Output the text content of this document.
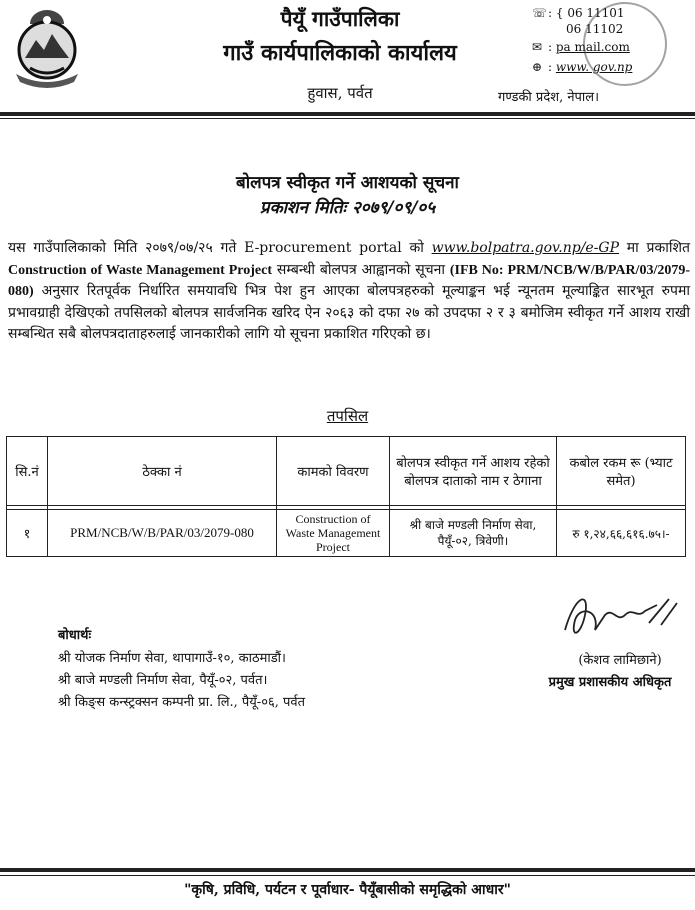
पैयूँ गाउँपालिका
गाउँ कार्यपालिकाको कार्यालय
हुवास, पर्वत
☏: { 06 11101
06 11102
✉ : pa mail.com
⊕ : www. gov.np
गण्डकी प्रदेश, नेपाल।
बोलपत्र स्वीकृत गर्ने आशयको सूचना
प्रकाशन मितिः २०७९/०९/०५
यस गाउँपालिकाको मिति २०७९/०७/२५ गते E-procurement portal को www.bolpatra.gov.np/e-GP मा प्रकाशित Construction of Waste Management Project सम्बन्धी बोलपत्र आह्वानको सूचना (IFB No: PRM/NCB/W/B/PAR/03/2079-080) अनुसार रितपूर्वक निर्धारित समयावधि भित्र पेश हुन आएका बोलपत्रहरुको मूल्याङ्कन भई न्यूनतम मूल्याङ्कित सारभूत रुपमा प्रभावग्राही देखिएको तपसिलको बोलपत्र सार्वजनिक खरिद ऐन २०६३ को दफा २७ को उपदफा २ र ३ बमोजिम स्वीकृत गर्ने आशय राखी सम्बन्धित सबै बोलपत्रदाताहरुलाई जानकारीको लागि यो सूचना प्रकाशित गरिएको छ।
तपसिल
सि.नं	ठेक्का नं	कामको विवरण	बोलपत्र स्वीकृत गर्ने आशय रहेको बोलपत्र दाताको नाम र ठेगाना	कबोल रकम रू (भ्याट समेत)

१	PRM/NCB/W/B/PAR/03/2079-080	Construction of Waste Management Project	श्री बाजे मण्डली निर्माण सेवा, पैयूँ-०२, त्रिवेणी।	रु १,२४,६६,६१६.७५।-
(केशव लामिछाने)
प्रमुख प्रशासकीय अधिकृत
बोधार्थः
श्री योजक निर्माण सेवा, थापागाउँ-१०, काठमाडौं।
श्री बाजे मण्डली निर्माण सेवा, पैयूँ-०२, पर्वत।
श्री किङ्स कन्स्ट्रक्सन कम्पनी प्रा. लि., पैयूँ-०६, पर्वत
"कृषि, प्रविधि, पर्यटन र पूर्वाधार- पैयूँबासीको समृद्धिको आधार"
